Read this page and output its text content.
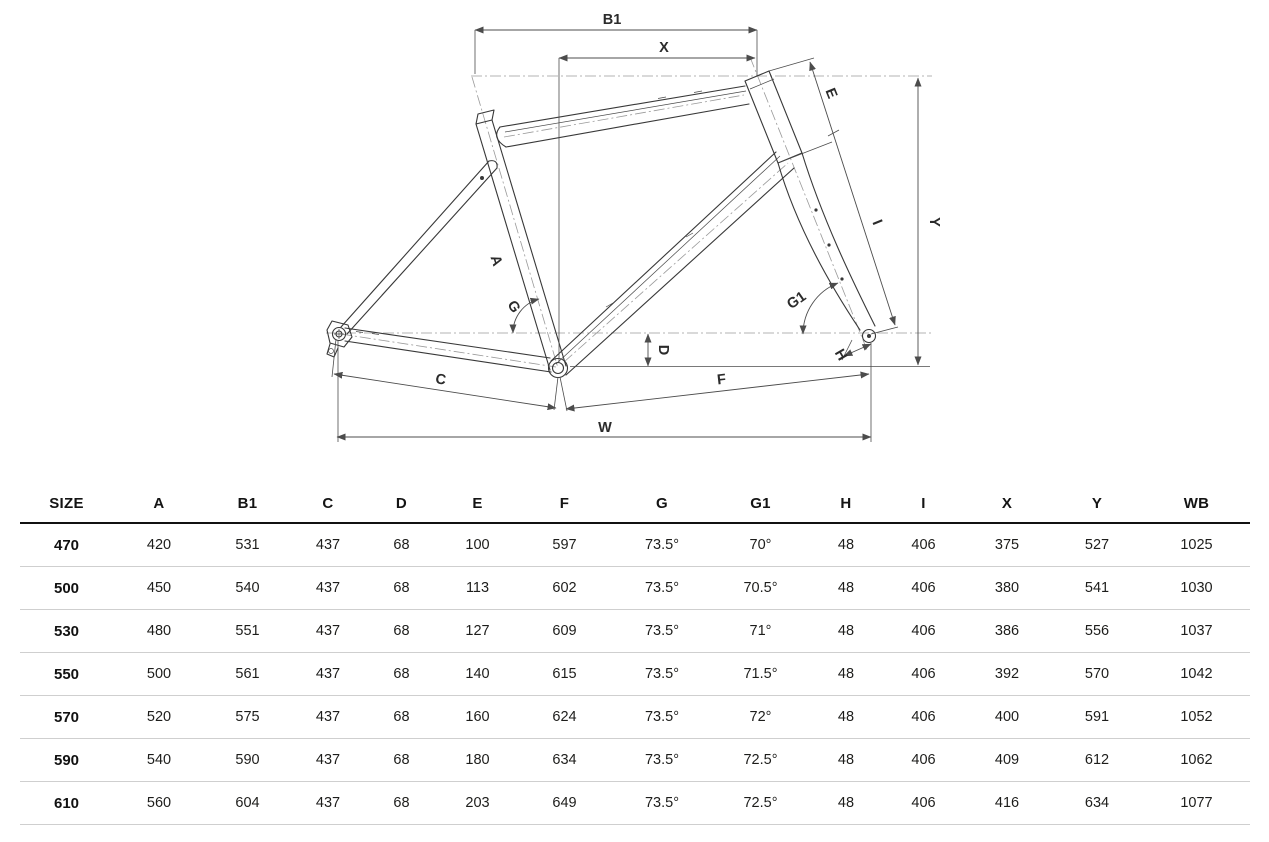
B1
X
E
Y
I
G1
H
D
A
G
C	F
W
SIZE	A	B1	C	D	E	F	G	G1	H	I	X	Y	WB
470	420	531	437	68	100	597	73.5°	70°	48	406	375	527	1025
500	450	540	437	68	113	602	73.5°	70.5°	48	406	380	541	1030
530	480	551	437	68	127	609	73.5°	71°	48	406	386	556	1037
550	500	561	437	68	140	615	73.5°	71.5°	48	406	392	570	1042
570	520	575	437	68	160	624	73.5°	72°	48	406	400	591	1052
590	540	590	437	68	180	634	73.5°	72.5°	48	406	409	612	1062
610	560	604	437	68	203	649	73.5°	72.5°	48	406	416	634	1077
